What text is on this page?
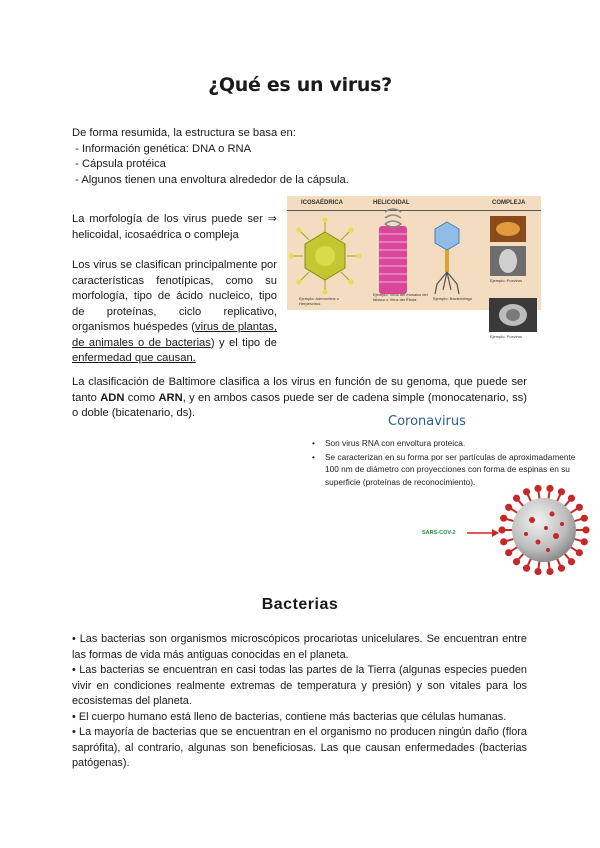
¿Qué es un virus?
De forma resumida, la estructura se basa en:
- Información genética: DNA o RNA
- Cápsula protéica
- Algunos tienen una envoltura alrededor de la cápsula.
La morfología de los virus puede ser ⇒
helicoidal, icosaédrica o compleja
Los virus se clasifican principalmente por características fenotípicas, como su morfología, tipo de ácido nucleico, tipo de proteínas, ciclo replicativo, organismos huéspedes (virus de plantas, de animales o de bacterias) y el tipo de enfermedad que causan.
ICOSAÉDRICA	HELICOIDAL	COMPLEJA
Ejemplo: Adenovirus o Herpesvirus
Ejemplo: Virus del mosaico del tabaco o Virus del Ébola	Ejemplo: Bacteriófago
Ejemplo: Poxvirus
Ejemplo: Poxvirus
La clasificación de Baltimore clasifica a los virus en función de su genoma, que puede ser tanto ADN como ARN, y en ambos casos puede ser de cadena simple (monocatenario, ss) o doble (bicatenario, ds).
Coronavirus
• Son virus RNA con envoltura proteica.
• Se caracterizan en su forma por ser partículas de aproximadamente 100 nm de diámetro con proyecciones con forma de espinas en su superficie (proteínas de reconocimiento).
SARS-COV-2
Bacterias

• Las bacterias son organismos microscópicos procariotas unicelulares. Se encuentran entre las formas de vida más antiguas conocidas en el planeta.

• Las bacterias se encuentran en casi todas las partes de la Tierra (algunas especies pueden vivir en condiciones realmente extremas de temperatura y presión) y son vitales para los ecosistemas del planeta.

• El cuerpo humano está lleno de bacterias, contiene más bacterias que células humanas.

• La mayoría de bacterias que se encuentran en el organismo no producen ningún daño (flora saprófita), al contrario, algunas son beneficiosas. Las que causan enfermedades (bacterias patógenas).
